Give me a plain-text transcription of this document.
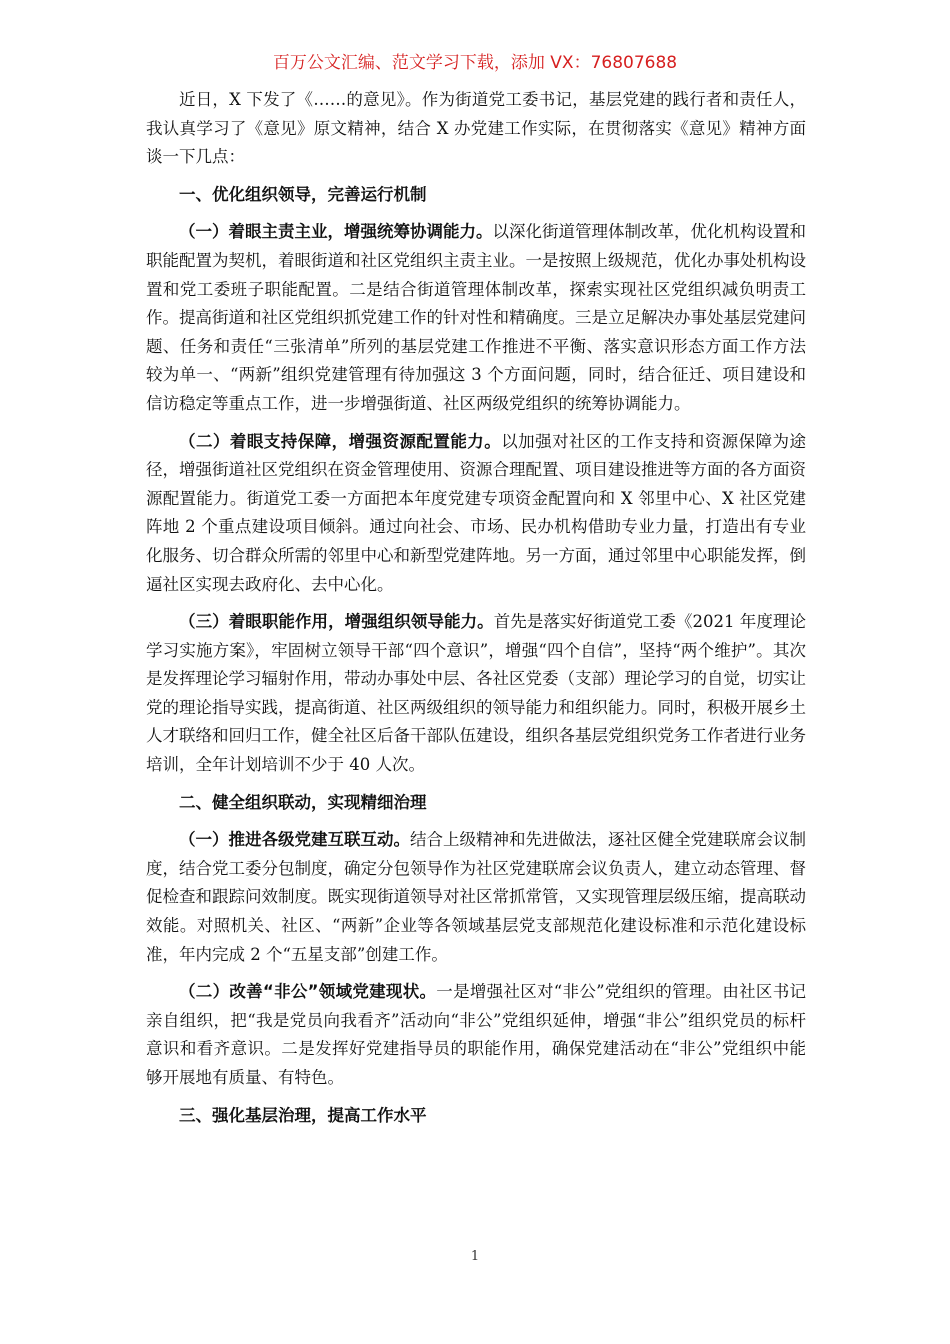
百万公文汇编、范文学习下载，添加 VX：76807688

近日，X 下发了《……的意见》。作为街道党工委书记，基层党建的践行者和责任人，我认真学习了《意见》原文精神，结合 X 办党建工作实际，在贯彻落实《意见》精神方面谈一下几点：

一、优化组织领导，完善运行机制

（一）着眼主责主业，增强统筹协调能力。以深化街道管理体制改革，优化机构设置和职能配置为契机，着眼街道和社区党组织主责主业。一是按照上级规范，优化办事处机构设置和党工委班子职能配置。二是结合街道管理体制改革，探索实现社区党组织减负明责工作。提高街道和社区党组织抓党建工作的针对性和精确度。三是立足解决办事处基层党建问题、任务和责任“三张清单”所列的基层党建工作推进不平衡、落实意识形态方面工作方法较为单一、“两新”组织党建管理有待加强这 3 个方面问题，同时，结合征迁、项目建设和信访稳定等重点工作，进一步增强街道、社区两级党组织的统筹协调能力。

（二）着眼支持保障，增强资源配置能力。以加强对社区的工作支持和资源保障为途径，增强街道社区党组织在资金管理使用、资源合理配置、项目建设推进等方面的各方面资源配置能力。街道党工委一方面把本年度党建专项资金配置向和 X 邻里中心、X 社区党建阵地 2 个重点建设项目倾斜。通过向社会、市场、民办机构借助专业力量，打造出有专业化服务、切合群众所需的邻里中心和新型党建阵地。另一方面，通过邻里中心职能发挥，倒逼社区实现去政府化、去中心化。

（三）着眼职能作用，增强组织领导能力。首先是落实好街道党工委《2021 年度理论学习实施方案》，牢固树立领导干部“四个意识”，增强“四个自信”，坚持“两个维护”。其次是发挥理论学习辐射作用，带动办事处中层、各社区党委（支部）理论学习的自觉，切实让党的理论指导实践，提高街道、社区两级组织的领导能力和组织能力。同时，积极开展乡土人才联络和回归工作，健全社区后备干部队伍建设，组织各基层党组织党务工作者进行业务培训，全年计划培训不少于 40 人次。

二、健全组织联动，实现精细治理

（一）推进各级党建互联互动。结合上级精神和先进做法，逐社区健全党建联席会议制度，结合党工委分包制度，确定分包领导作为社区党建联席会议负责人，建立动态管理、督促检查和跟踪问效制度。既实现街道领导对社区常抓常管，又实现管理层级压缩，提高联动效能。对照机关、社区、“两新”企业等各领域基层党支部规范化建设标准和示范化建设标准，年内完成 2 个“五星支部”创建工作。

（二）改善“非公”领域党建现状。一是增强社区对“非公”党组织的管理。由社区书记亲自组织，把“我是党员向我看齐”活动向“非公”党组织延伸，增强“非公”组织党员的标杆意识和看齐意识。二是发挥好党建指导员的职能作用，确保党建活动在“非公”党组织中能够开展地有质量、有特色。

三、强化基层治理，提高工作水平

1
